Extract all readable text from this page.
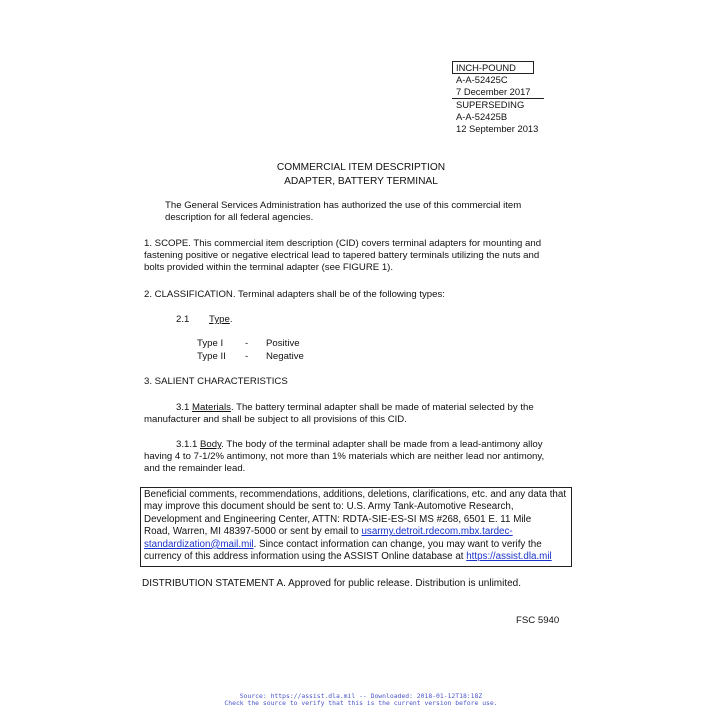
INCH-POUND
A-A-52425C
7 December 2017
SUPERSEDING
A-A-52425B
12 September 2013
COMMERCIAL ITEM DESCRIPTION
ADAPTER, BATTERY TERMINAL
The General Services Administration has authorized the use of this commercial item
description for all federal agencies.
1. SCOPE. This commercial item description (CID) covers terminal adapters for mounting and
fastening positive or negative electrical lead to tapered battery terminals utilizing the nuts and
bolts provided within the terminal adapter (see FIGURE 1).
2. CLASSIFICATION. Terminal adapters shall be of the following types:
2.1 Type.
Type I - Positive
Type II - Negative
3. SALIENT CHARACTERISTICS
3.1 Materials. The battery terminal adapter shall be made of material selected by the
manufacturer and shall be subject to all provisions of this CID.
3.1.1 Body. The body of the terminal adapter shall be made from a lead-antimony alloy
having 4 to 7-1/2% antimony, not more than 1% materials which are neither lead nor antimony,
and the remainder lead.
Beneficial comments, recommendations, additions, deletions, clarifications, etc. and any data that
may improve this document should be sent to: U.S. Army Tank-Automotive Research,
Development and Engineering Center, ATTN: RDTA-SIE-ES-SI MS #268, 6501 E. 11 Mile
Road, Warren, MI 48397-5000 or sent by email to usarmy.detroit.rdecom.mbx.tardec-
standardization@mail.mil. Since contact information can change, you may want to verify the
currency of this address information using the ASSIST Online database at https://assist.dla.mil
DISTRIBUTION STATEMENT A. Approved for public release. Distribution is unlimited.
FSC 5940
Source: https://assist.dla.mil -- Downloaded: 2018-01-12T18:18Z
Check the source to verify that this is the current version before use.
